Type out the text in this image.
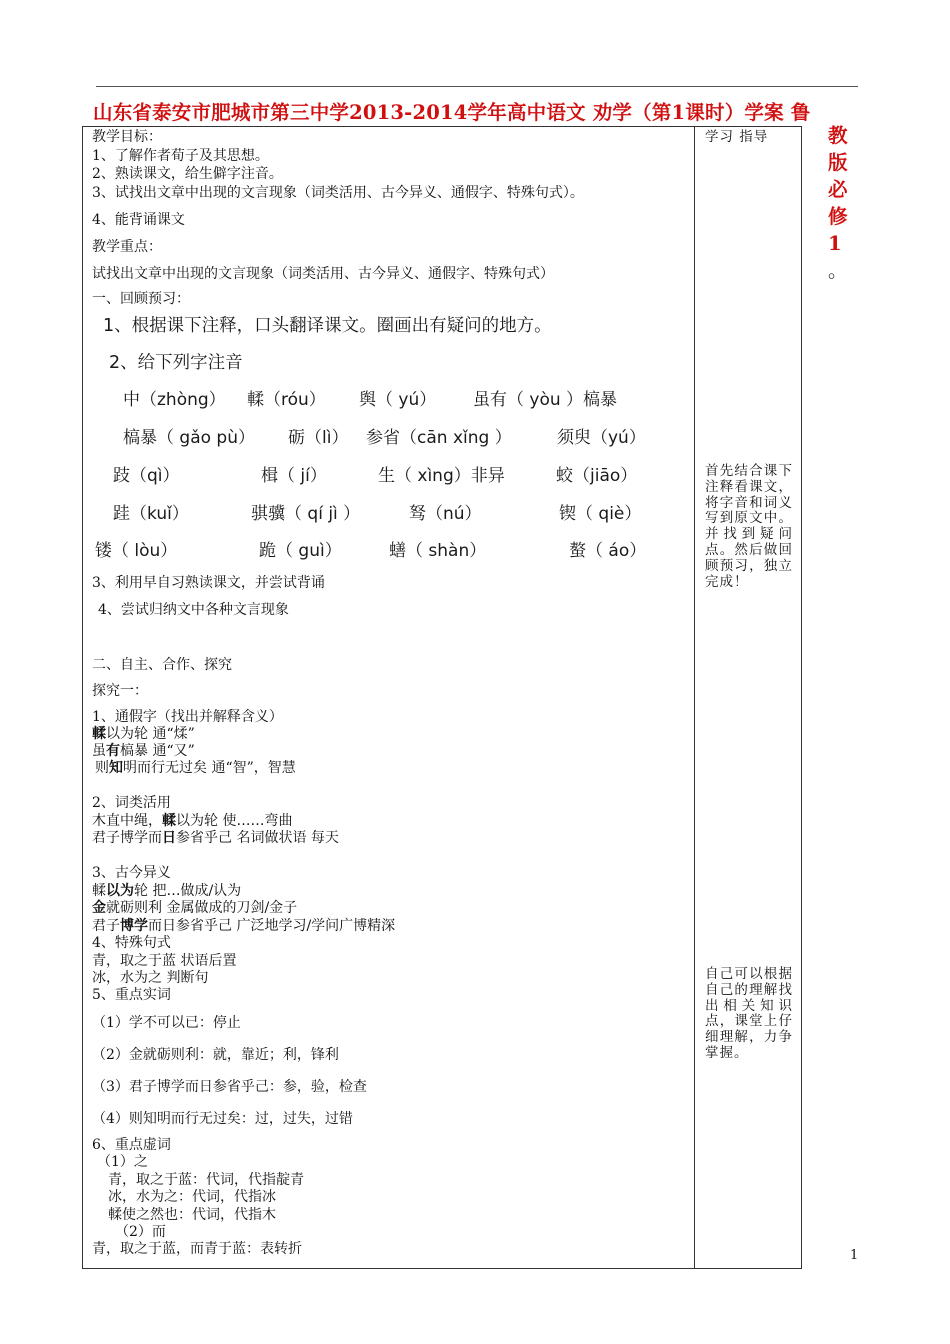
山东省泰安市肥城市第三中学2013-2014学年高中语文 劝学（第1课时）学案 鲁
教
版
必
修
1
。
教学目标：
1、了解作者荀子及其思想。
2、熟读课文，给生僻字注音。
3、试找出文章中出现的文言现象（词类活用、古今异义、通假字、特殊句式）。
4、能背诵课文
教学重点：
试找出文章中出现的文言现象（词类活用、古今异义、通假字、特殊句式）
一、回顾预习：
1、根据课下注释，口头翻译课文。圈画出有疑问的地方。
2、给下列字注音
中（zhòng） 輮（róu） 舆（ yú） 虽有（ yòu ）槁暴
槁暴（ gǎo pù） 砺（lì） 参省（cān xǐng ）	须臾（yú）
跂（qì）	楫（ jí）	生（ xìng）非异	蛟（jiāo）
跬（kuǐ）	骐骥（ qí jì ）	驽（nú）	锲（ qiè）
镂（ lòu）	跪（ guì）	蟮（ shàn）	螯（ áo）
3、利用早自习熟读课文，并尝试背诵
4、尝试归纳文中各种文言现象
二、自主、合作、探究
探究一：
1、通假字（找出并解释含义）
輮以为轮 通“煣”
虽有槁暴 通“又”
则知明而行无过矣 通“智”，智慧
2、词类活用
木直中绳，輮以为轮 使……弯曲
君子博学而日参省乎己 名词做状语 每天
3、古今异义
輮以为轮 把…做成/认为
金就砺则利 金属做成的刀剑/金子
君子博学而日参省乎己 广泛地学习/学问广博精深
4、特殊句式
青，取之于蓝 状语后置
冰，水为之 判断句
5、重点实词
（1）学不可以已：停止
（2）金就砺则利：就，靠近；利，锋利
（3）君子博学而日参省乎己：参，验，检查
（4）则知明而行无过矣：过，过失，过错
6、重点虚词
（1）之
青，取之于蓝：代词，代指靛青
冰，水为之：代词，代指冰
輮使之然也：代词，代指木
（2）而
青，取之于蓝，而青于蓝：表转折

学习 指导
首先结合课下注释看课文，将字音和词义写到原文中。并找到疑问点。然后做回顾预习，独立完成！
自己可以根据自己的理解找出相关知识点，课堂上仔细理解，力争掌握。
1
